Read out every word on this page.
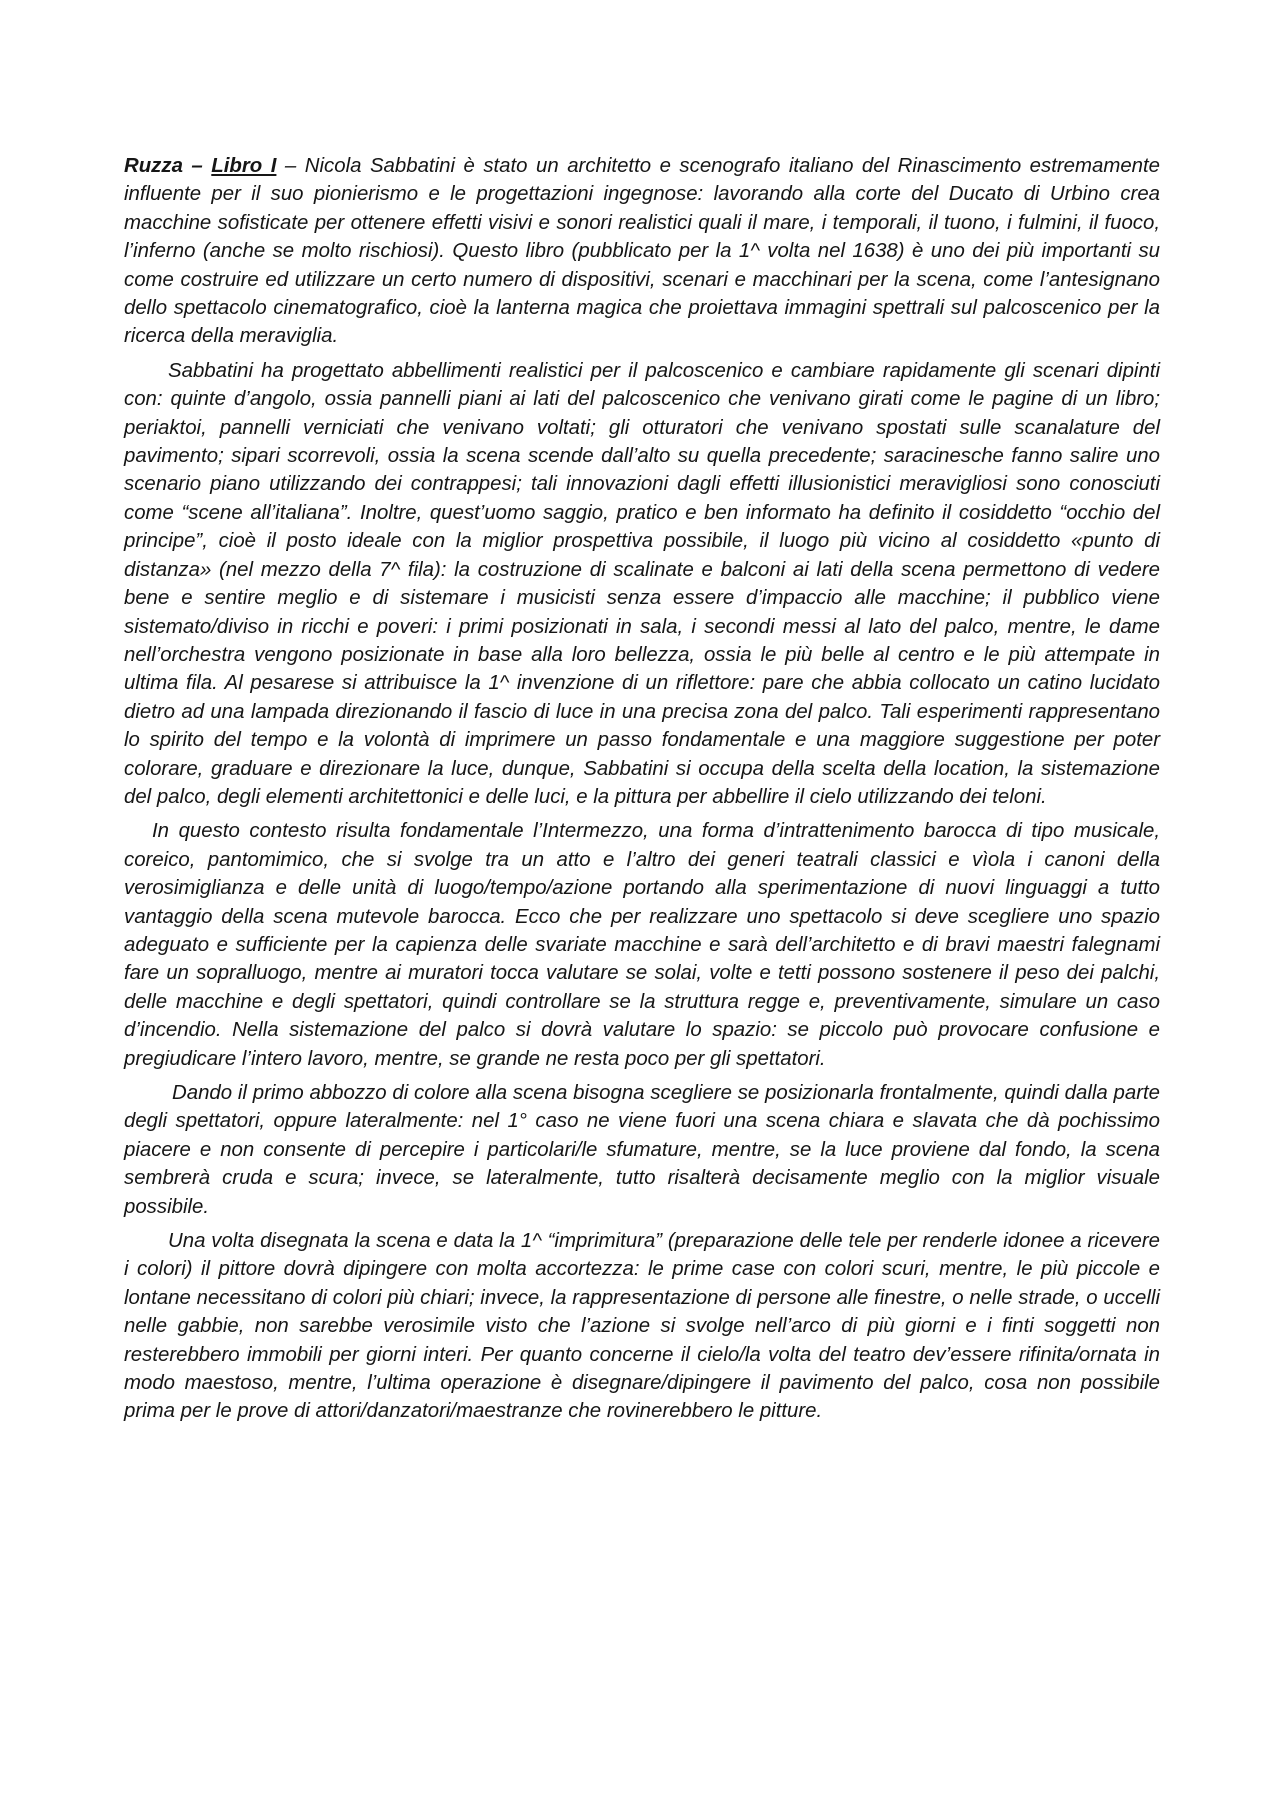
Ruzza – Libro I – Nicola Sabbatini è stato un architetto e scenografo italiano del Rinascimento estremamente influente per il suo pionierismo e le progettazioni ingegnose: lavorando alla corte del Ducato di Urbino crea macchine sofisticate per ottenere effetti visivi e sonori realistici quali il mare, i temporali, il tuono, i fulmini, il fuoco, l’inferno (anche se molto rischiosi). Questo libro (pubblicato per la 1^ volta nel 1638) è uno dei più importanti su come costruire ed utilizzare un certo numero di dispositivi, scenari e macchinari per la scena, come l’antesignano dello spettacolo cinematografico, cioè la lanterna magica che proiettava immagini spettrali sul palcoscenico per la ricerca della meraviglia.

Sabbatini ha progettato abbellimenti realistici per il palcoscenico e cambiare rapidamente gli scenari dipinti con: quinte d’angolo, ossia pannelli piani ai lati del palcoscenico che venivano girati come le pagine di un libro; periaktoi, pannelli verniciati che venivano voltati; gli otturatori che venivano spostati sulle scanalature del pavimento; sipari scorrevoli, ossia la scena scende dall’alto su quella precedente; saracinesche fanno salire uno scenario piano utilizzando dei contrappesi; tali innovazioni dagli effetti illusionistici meravigliosi sono conosciuti come “scene all’italiana”. Inoltre, quest’uomo saggio, pratico e ben informato ha definito il cosiddetto “occhio del principe”, cioè il posto ideale con la miglior prospettiva possibile, il luogo più vicino al cosiddetto «punto di distanza» (nel mezzo della 7^ fila): la costruzione di scalinate e balconi ai lati della scena permettono di vedere bene e sentire meglio e di sistemare i musicisti senza essere d’impaccio alle macchine; il pubblico viene sistemato/diviso in ricchi e poveri: i primi posizionati in sala, i secondi messi al lato del palco, mentre, le dame nell’orchestra vengono posizionate in base alla loro bellezza, ossia le più belle al centro e le più attempate in ultima fila. Al pesarese si attribuisce la 1^ invenzione di un riflettore: pare che abbia collocato un catino lucidato dietro ad una lampada direzionando il fascio di luce in una precisa zona del palco. Tali esperimenti rappresentano lo spirito del tempo e la volontà di imprimere un passo fondamentale e una maggiore suggestione per poter colorare, graduare e direzionare la luce, dunque, Sabbatini si occupa della scelta della location, la sistemazione del palco, degli elementi architettonici e delle luci, e la pittura per abbellire il cielo utilizzando dei teloni.

In questo contesto risulta fondamentale l’Intermezzo, una forma d’intrattenimento barocca di tipo musicale, coreico, pantomimico, che si svolge tra un atto e l’altro dei generi teatrali classici e vìola i canoni della verosimiglianza e delle unità di luogo/tempo/azione portando alla sperimentazione di nuovi linguaggi a tutto vantaggio della scena mutevole barocca. Ecco che per realizzare uno spettacolo si deve scegliere uno spazio adeguato e sufficiente per la capienza delle svariate macchine e sarà dell’architetto e di bravi maestri falegnami fare un sopralluogo, mentre ai muratori tocca valutare se solai, volte e tetti possono sostenere il peso dei palchi, delle macchine e degli spettatori, quindi controllare se la struttura regge e, preventivamente, simulare un caso d’incendio. Nella sistemazione del palco si dovrà valutare lo spazio: se piccolo può provocare confusione e pregiudicare l’intero lavoro, mentre, se grande ne resta poco per gli spettatori.

Dando il primo abbozzo di colore alla scena bisogna scegliere se posizionarla frontalmente, quindi dalla parte degli spettatori, oppure lateralmente: nel 1° caso ne viene fuori una scena chiara e slavata che dà pochissimo piacere e non consente di percepire i particolari/le sfumature, mentre, se la luce proviene dal fondo, la scena sembrerà cruda e scura; invece, se lateralmente, tutto risalterà decisamente meglio con la miglior visuale possibile.

Una volta disegnata la scena e data la 1^ “imprimitura” (preparazione delle tele per renderle idonee a ricevere i colori) il pittore dovrà dipingere con molta accortezza: le prime case con colori scuri, mentre, le più piccole e lontane necessitano di colori più chiari; invece, la rappresentazione di persone alle finestre, o nelle strade, o uccelli nelle gabbie, non sarebbe verosimile visto che l’azione si svolge nell’arco di più giorni e i finti soggetti non resterebbero immobili per giorni interi. Per quanto concerne il cielo/la volta del teatro dev’essere rifinita/ornata in modo maestoso, mentre, l’ultima operazione è disegnare/dipingere il pavimento del palco, cosa non possibile prima per le prove di attori/danzatori/maestranze che rovinerebbero le pitture.
